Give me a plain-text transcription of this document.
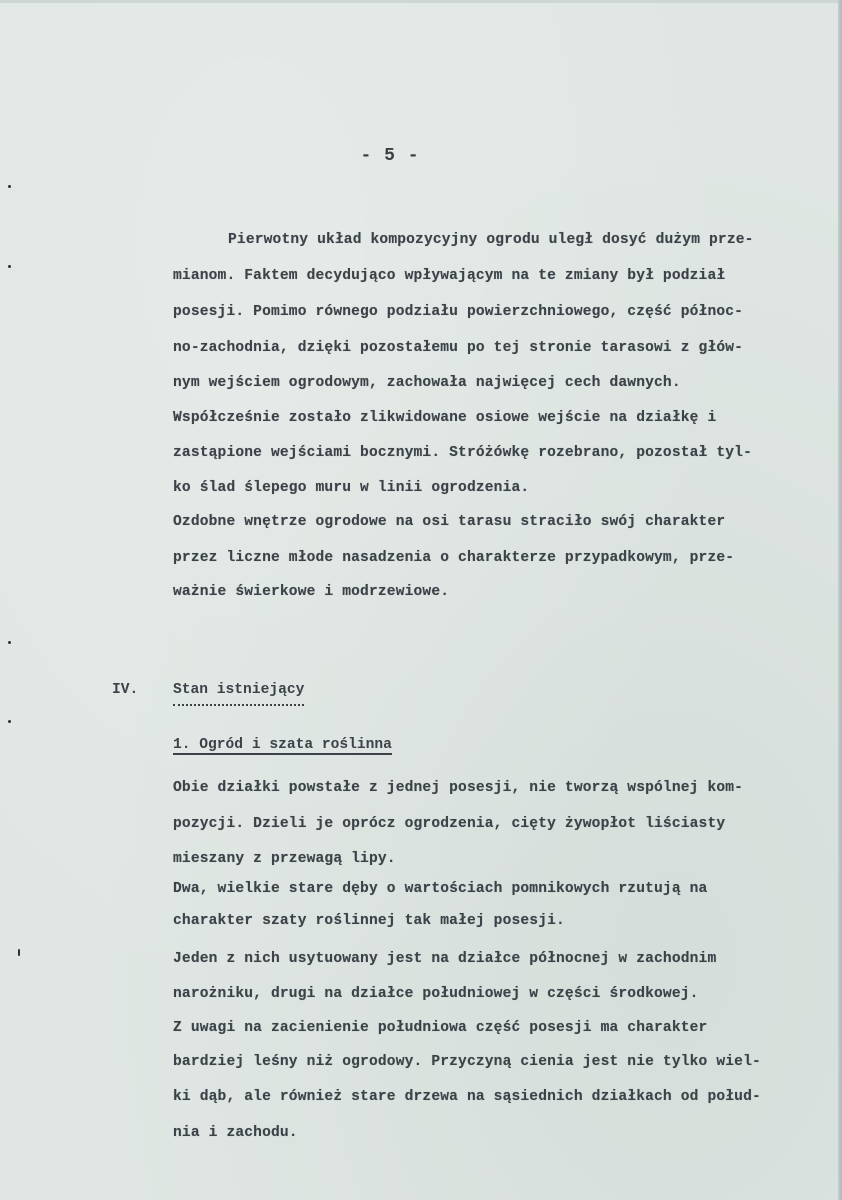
- 5 -
Pierwotny układ kompozycyjny ogrodu uległ dosyć dużym prze-
mianom. Faktem decydująco wpływającym na te zmiany był podział
posesji. Pomimo równego podziału powierzchniowego, część północ-
no-zachodnia, dzięki pozostałemu po tej stronie tarasowi z głów-
nym wejściem ogrodowym, zachowała najwięcej cech dawnych.
Współcześnie zostało zlikwidowane osiowe wejście na działkę i
zastąpione wejściami bocznymi. Stróżówkę rozebrano, pozostał tyl-
ko ślad ślepego muru w linii ogrodzenia.
Ozdobne wnętrze ogrodowe na osi tarasu straciło swój charakter
przez liczne młode nasadzenia o charakterze przypadkowym, prze-
ważnie świerkowe i modrzewiowe.
IV. Stan istniejący
1. Ogród i szata roślinna
Obie działki powstałe z jednej posesji, nie tworzą wspólnej kom-
pozycji. Dzieli je oprócz ogrodzenia, cięty żywopłot liściasty
mieszany z przewagą lipy.
Dwa, wielkie stare dęby o wartościach pomnikowych rzutują na
charakter szaty roślinnej tak małej posesji.
Jeden z nich usytuowany jest na działce północnej w zachodnim
narożniku, drugi na działce południowej w części środkowej.
Z uwagi na zacienienie południowa część posesji ma charakter
bardziej leśny niż ogrodowy. Przyczyną cienia jest nie tylko wiel-
ki dąb, ale również stare drzewa na sąsiednich działkach od połud-
nia i zachodu.
